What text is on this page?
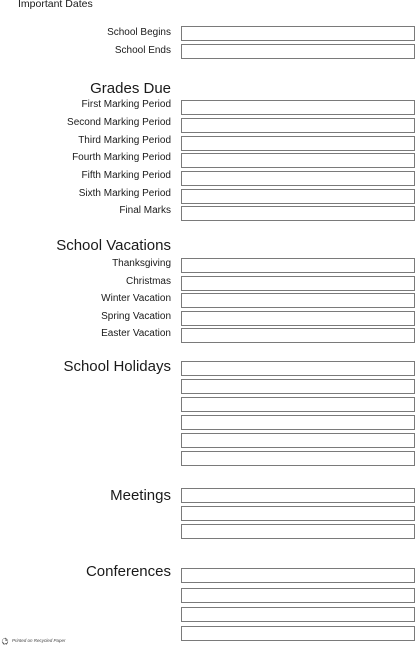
Important Dates
School Begins
School Ends
Grades Due
First Marking Period
Second Marking Period
Third Marking Period
Fourth Marking Period
Fifth Marking Period
Sixth Marking Period
Final Marks
School Vacations
Thanksgiving
Christmas
Winter Vacation
Spring Vacation
Easter Vacation
School Holidays
Meetings
Conferences
Printed on Recycled Paper
